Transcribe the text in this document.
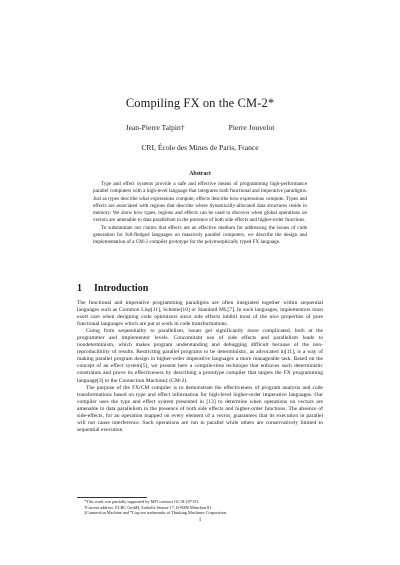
Compiling FX on the CM-2*
Jean-Pierre Talpin†	Pierre Jouvelot
CRI, École des Mines de Paris, France
Abstract

Type and effect systems provide a safe and effective means of programming high-performance parallel computers with a high-level language that integrates both functional and imperative paradigms. Just as types describe what expressions compute, effects describe how expressions compute. Types and effects are associated with regions that describe where dynamically-allocated data structures reside in memory. We show how types, regions and effects can be used to discover when global operations on vectors are amenable to data parallelism in the presence of both side effects and higher-order functions.

To substantiate our claims that effects are an effective medium for addressing the issues of code generation for full-fledged languages on massively parallel computers, we describe the design and implementation of a CM-2 compiler prototype for the polymorphically typed FX language.

1 Introduction

The functional and imperative programming paradigms are often integrated together within sequential languages such as Common Lisp[11], Scheme[10] or Standard ML[7]. In such languages, implementors must exert care when designing code optimizers since side effects inhibit most of the nice properties of pure functional languages which are put at work in code transformations.

Going from sequentiality to parallelism, issues get significantly more complicated, both at the programmer and implementor levels. Concomitant use of side effects and parallelism leads to nondeterminism, which makes program understanding and debugging difficult because of the non-reproducibility of results. Restricting parallel programs to be deterministic, as advocated in[11], is a way of making parallel program design in higher-order imperative languages a more manageable task. Based on the concept of an effect system[5], we present here a compile-time technique that enforces such deterministic constraints and prove its effectiveness by describing a prototype compiler that targets the FX programming language[3] to the Connection Machine‡ (CM-2).

The purpose of the FX/CM compiler is to demonstrate the effectiveness of program analysis and code transformations based on type and effect information for high-level higher-order imperative languages. Our compiler uses the type and effect system presented in [13] to determine when operations on vectors are amenable to data parallelism in the presence of both side effects and higher-order functions. The absence of side-effects, for an operation mapped on every element of a vector, guarantees that its execution in parallel will not cause interference. Such operations are run in parallel while others are conservatively limited to sequential execution

*This work was partially supported by MIT contract GC-R-107153.
†Current address: ECRC GmbH, Arabella Strasse 17, D-8000 München 81.
‡Connection Machine and *Lisp are trademarks of Thinking Machines Corporation.
1
